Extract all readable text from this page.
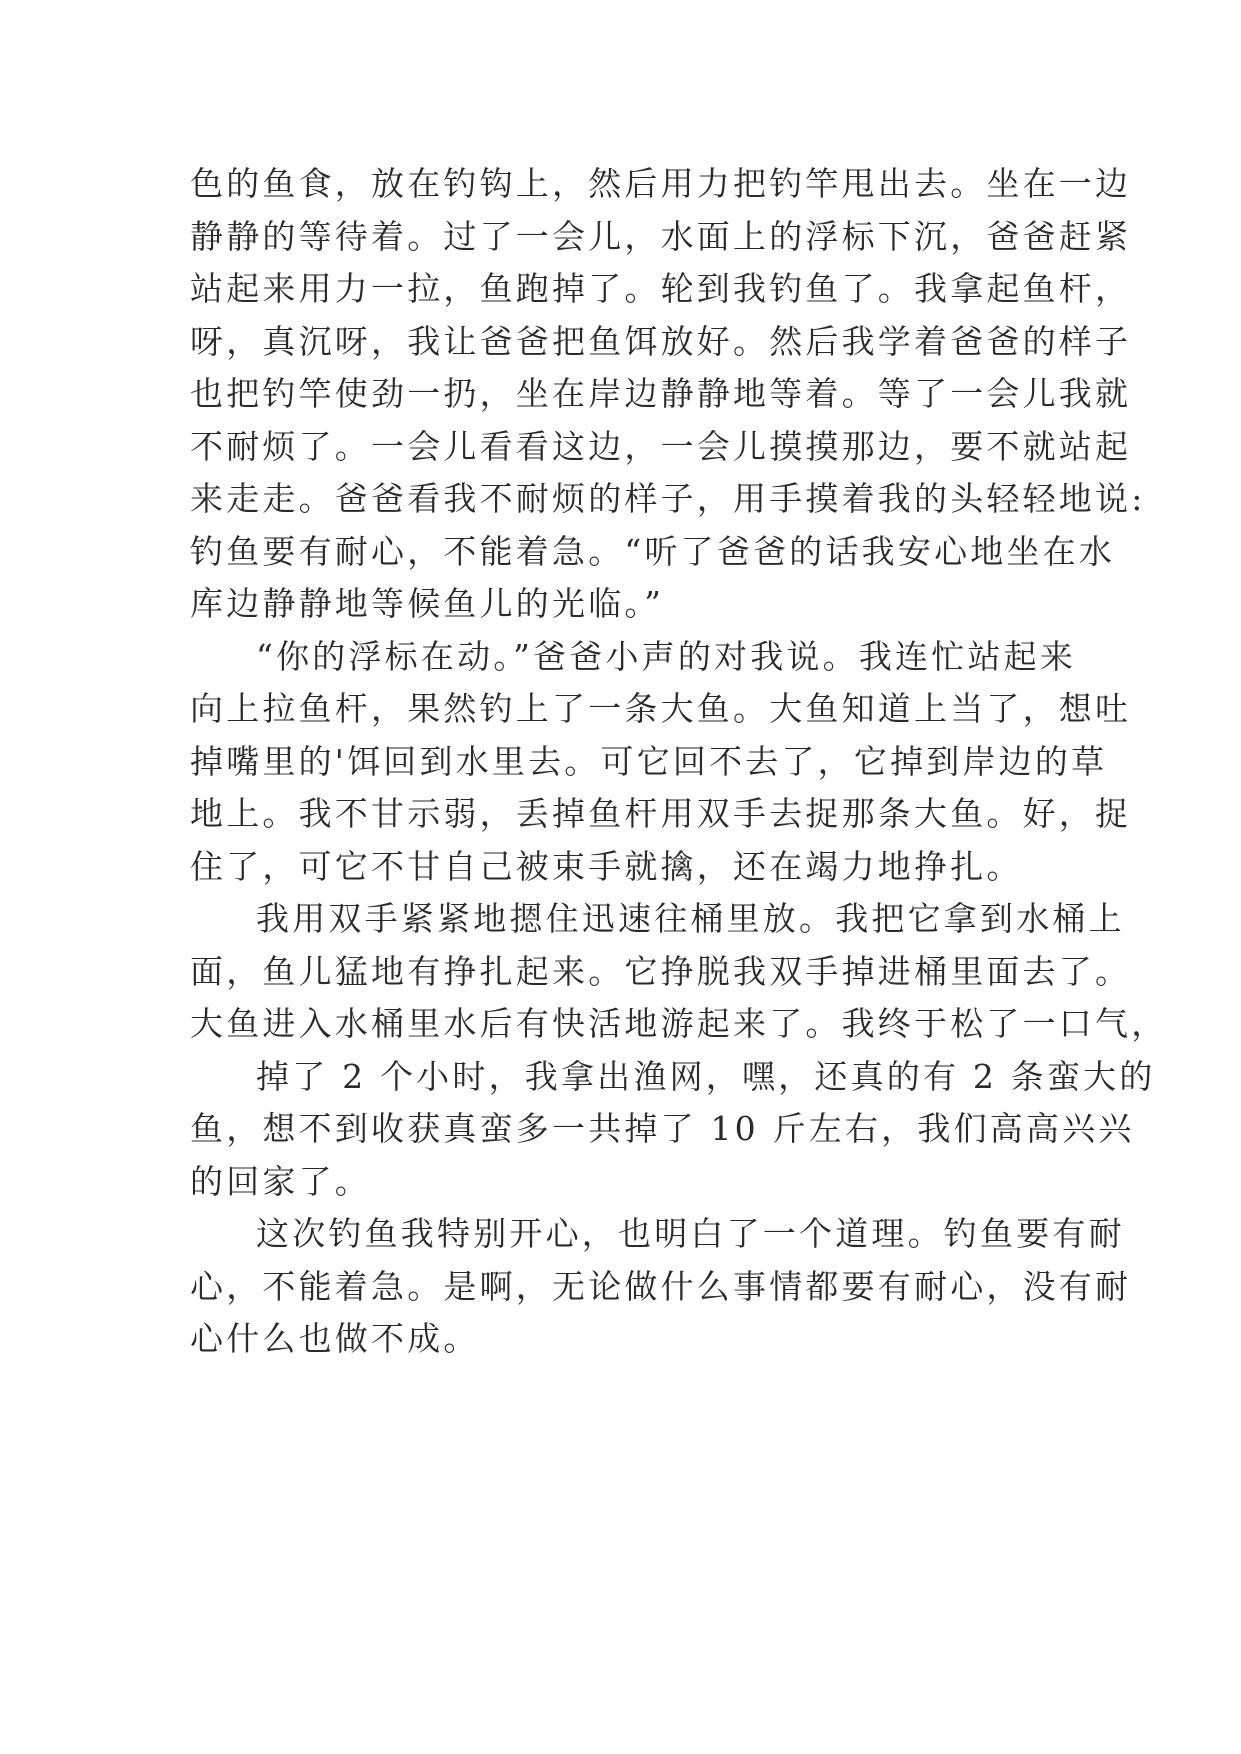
色的鱼食，放在钓钩上，然后用力把钓竿甩出去。坐在一边
静静的等待着。过了一会儿，水面上的浮标下沉，爸爸赶紧
站起来用力一拉，鱼跑掉了。轮到我钓鱼了。我拿起鱼杆，
呀，真沉呀，我让爸爸把鱼饵放好。然后我学着爸爸的样子
也把钓竿使劲一扔，坐在岸边静静地等着。等了一会儿我就
不耐烦了。一会儿看看这边，一会儿摸摸那边，要不就站起
来走走。爸爸看我不耐烦的样子，用手摸着我的头轻轻地说:
钓鱼要有耐心，不能着急。“听了爸爸的话我安心地坐在水
库边静静地等候鱼儿的光临。”
“你的浮标在动。”爸爸小声的对我说。我连忙站起来
向上拉鱼杆，果然钓上了一条大鱼。大鱼知道上当了，想吐
掉嘴里的'饵回到水里去。可它回不去了，它掉到岸边的草
地上。我不甘示弱，丢掉鱼杆用双手去捉那条大鱼。好，捉
住了，可它不甘自己被束手就擒，还在竭力地挣扎。
我用双手紧紧地摁住迅速往桶里放。我把它拿到水桶上
面，鱼儿猛地有挣扎起来。它挣脱我双手掉进桶里面去了。
大鱼进入水桶里水后有快活地游起来了。我终于松了一口气，
掉了 2 个小时，我拿出渔网，嘿，还真的有 2 条蛮大的
鱼，想不到收获真蛮多一共掉了 10 斤左右，我们高高兴兴
的回家了。
这次钓鱼我特别开心，也明白了一个道理。钓鱼要有耐
心，不能着急。是啊，无论做什么事情都要有耐心，没有耐
心什么也做不成。
